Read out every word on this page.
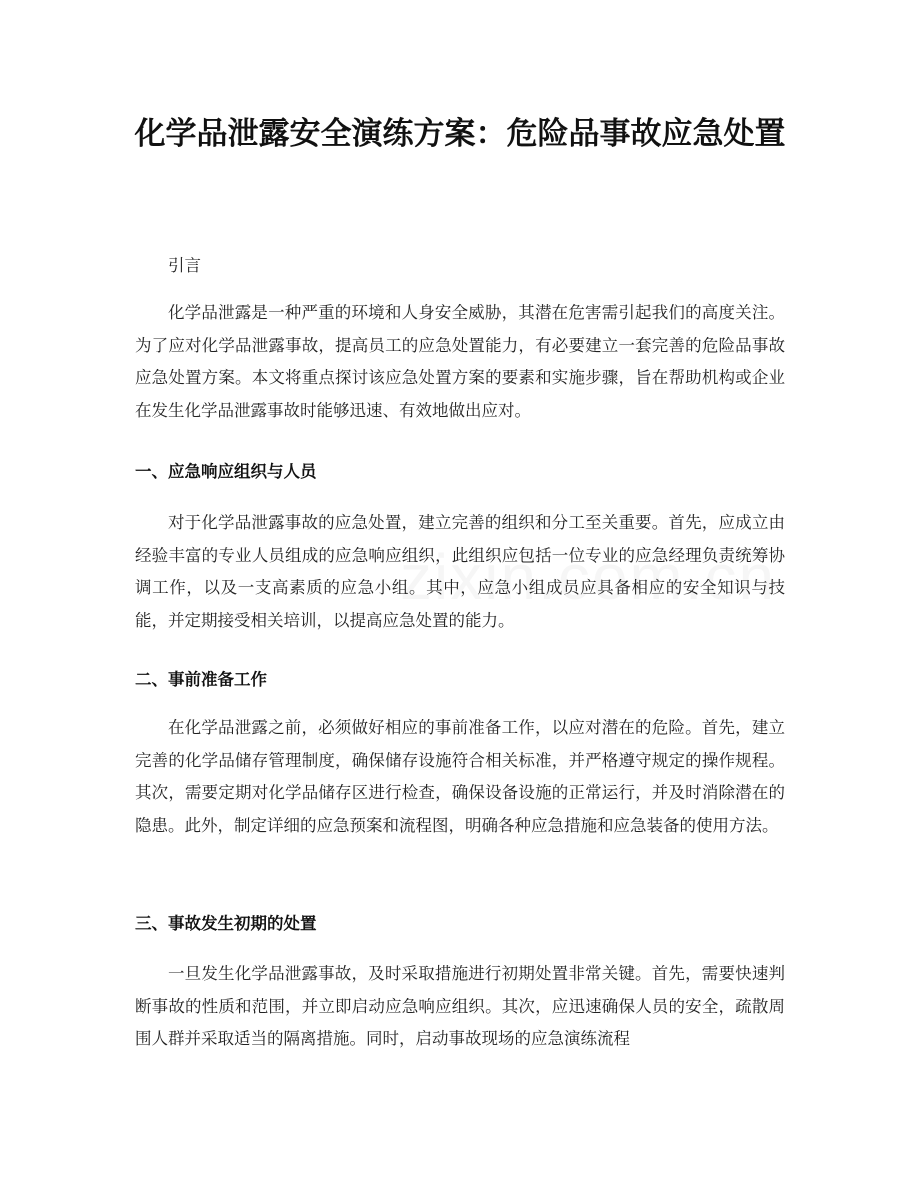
化学品泄露安全演练方案：危险品事故应急处置
引言

化学品泄露是一种严重的环境和人身安全威胁，其潜在危害需引起我们的高度关注。为了应对化学品泄露事故，提高员工的应急处置能力，有必要建立一套完善的危险品事故应急处置方案。本文将重点探讨该应急处置方案的要素和实施步骤，旨在帮助机构或企业在发生化学品泄露事故时能够迅速、有效地做出应对。

一、应急响应组织与人员

对于化学品泄露事故的应急处置，建立完善的组织和分工至关重要。首先，应成立由经验丰富的专业人员组成的应急响应组织，此组织应包括一位专业的应急经理负责统筹协调工作，以及一支高素质的应急小组。其中，应急小组成员应具备相应的安全知识与技能，并定期接受相关培训，以提高应急处置的能力。

二、事前准备工作

在化学品泄露之前，必须做好相应的事前准备工作，以应对潜在的危险。首先，建立完善的化学品储存管理制度，确保储存设施符合相关标准，并严格遵守规定的操作规程。其次，需要定期对化学品储存区进行检查，确保设备设施的正常运行，并及时消除潜在的隐患。此外，制定详细的应急预案和流程图，明确各种应急措施和应急装备的使用方法。

三、事故发生初期的处置

一旦发生化学品泄露事故，及时采取措施进行初期处置非常关键。首先，需要快速判断事故的性质和范围，并立即启动应急响应组织。其次，应迅速确保人员的安全，疏散周围人群并采取适当的隔离措施。同时，启动事故现场的应急演练流程
